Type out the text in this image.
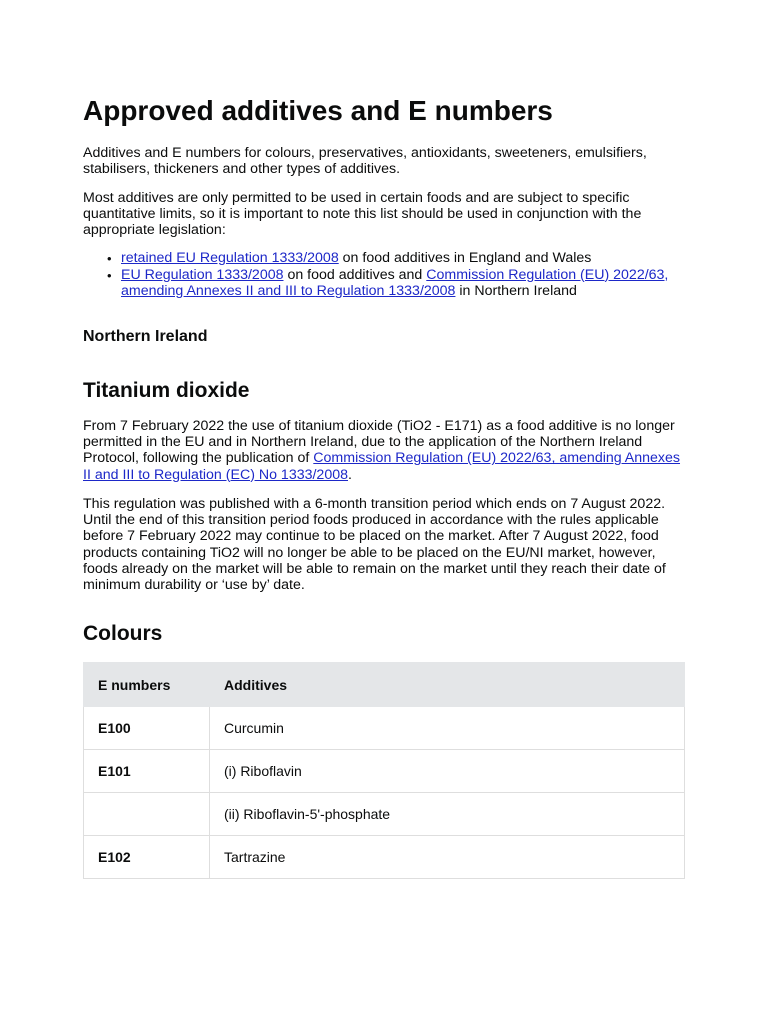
Approved additives and E numbers

Additives and E numbers for colours, preservatives, antioxidants, sweeteners, emulsifiers, stabilisers, thickeners and other types of additives.

Most additives are only permitted to be used in certain foods and are subject to specific quantitative limits, so it is important to note this list should be used in conjunction with the appropriate legislation:

• retained EU Regulation 1333/2008 on food additives in England and Wales
• EU Regulation 1333/2008 on food additives and Commission Regulation (EU) 2022/63, amending Annexes II and III to Regulation 1333/2008 in Northern Ireland
Northern Ireland
Titanium dioxide

From 7 February 2022 the use of titanium dioxide (TiO2 - E171) as a food additive is no longer permitted in the EU and in Northern Ireland, due to the application of the Northern Ireland Protocol, following the publication of Commission Regulation (EU) 2022/63, amending Annexes II and III to Regulation (EC) No 1333/2008.

This regulation was published with a 6-month transition period which ends on 7 August 2022. Until the end of this transition period foods produced in accordance with the rules applicable before 7 February 2022 may continue to be placed on the market. After 7 August 2022, food products containing TiO2 will no longer be able to be placed on the EU/NI market, however, foods already on the market will be able to remain on the market until they reach their date of minimum durability or ‘use by’ date.

Colours
E numbers	Additives
E100	Curcumin
E101	(i) Riboflavin
	(ii) Riboflavin-5'-phosphate
E102	Tartrazine
